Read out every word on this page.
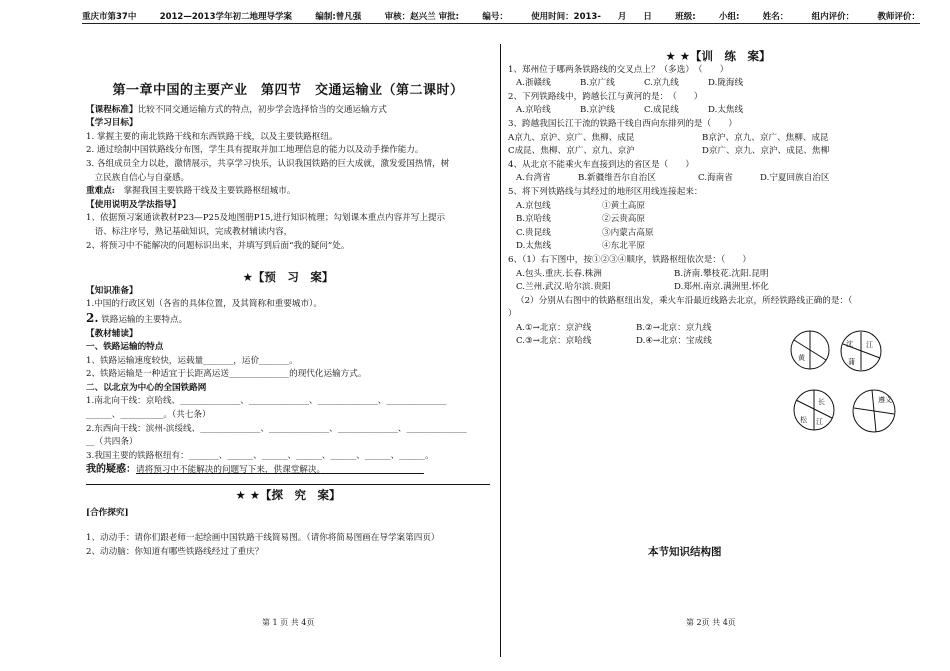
重庆市第37中	2012—2013学年初二地理导学案	编制:曾凡强	审核：赵兴兰 审批:	编号：	使用时间：2013-　　月　　日	班级:	小组:	姓名：	组内评价：	教师评价：
第一章中国的主要产业　第四节　交通运输业（第二课时）
【课程标准】比较不同交通运输方式的特点，初步学会选择恰当的交通运输方式
【学习目标】
1. 掌握主要的南北铁路干线和东西铁路干线，以及主要铁路枢纽。
2. 通过绘制中国铁路线分布图，学生具有提取并加工地理信息的能力以及动手操作能力。
3. 各组成员全力以赴，激情展示，共享学习快乐，认识我国铁路的巨大成就，激发爱国热情，树
　立民族自信心与自豪感。
重难点:　 掌握我国主要铁路干线及主要铁路枢纽城市。
【使用说明及学法指导】
1、依据预习案通读教材P23—P25及地图册P15,进行知识梳理；勾划课本重点内容并写上提示
　语、标注序号，熟记基础知识，完成教材辅读内容，
2、将预习中不能解决的问题标识出来，并填写到后面“我的疑问”处。
★【预　习　案】
【知识准备】
1.中国的行政区划（各省的具体位置，及其简称和重要城市）。
2. 铁路运输的主要特点。
【教材辅读】
一、铁路运输的特点
1、铁路运输速度较快，运载量_______，运价_______。
2、铁路运输是一种适宜于长距离运送______________的现代化运输方式。
二、以北京为中心的全国铁路网
1.南北向干线：京哈线、______________、______________、______________、______________
______、__________。（共七条）
2.东西向干线：滨州-滨绥线、______________、______________、______________、______________
__（共四条）
3.我国主要的铁路枢纽有：_______、______、______、______、______、______、______。
我的疑惑：请将预习中不能解决的问题写下来，供课堂解决。　　　　　　　　　　　　
★ ★【探　究　案】
[合作探究]
1、动动手：请你们跟老师一起绘画中国铁路干线简易图。（请你将简易图画在导学案第四页）
2、动动脑：你知道有哪些铁路线经过了重庆？
第 1 页 共 4页
★ ★【训　练　案】
1、郑州位于哪两条铁路线的交叉点上？（多选）　（　　）
A.浙赣线	B.京广线	C.京九线	D.陇海线
2、下列铁路线中，跨越长江与黄河的是：　（　　）
A.京哈线	B.京沪线	C.成昆线	D.太焦线
3、跨越我国长江干流的铁路干线自西向东排列的是（　　）
A京九、京沪、京广、焦柳、成昆	B京沪、京九、京广、焦柳、成昆
C成昆、焦柳、京广、京九、京沪	D京广、京九、京沪、成昆、焦柳
4、从北京不能乘火车直接到达的省区是（　　）
A.台湾省	B.新疆维吾尔自治区	C.海南省	D.宁夏回族自治区
5、将下列铁路线与其经过的地形区用线连接起来：
A.京包线	①黄土高原
B.京哈线	②云贵高原
C.贵昆线	③内蒙古高原
D.太焦线	④东北平原
6、（1）右下图中，按①②③④顺序，铁路枢纽依次是：（　　）
A.包头.重庆.长春.株洲	B.济南.攀枝花.沈阳.昆明
C.兰州.武汉.哈尔滨.贵阳	D.郑州.南京.满洲里.怀化
（2）分别从右图中的铁路枢纽出发，乘火车沿最近线路去北京，所经铁路线正确的是：（
）
A.①→北京：京沪线	B.②→北京：京九线
C.③→北京：京哈线	D.④→北京：宝成线
黄
沈 江
蒲
长	遵义
松 江
本节知识结构图
第 2页 共 4页
